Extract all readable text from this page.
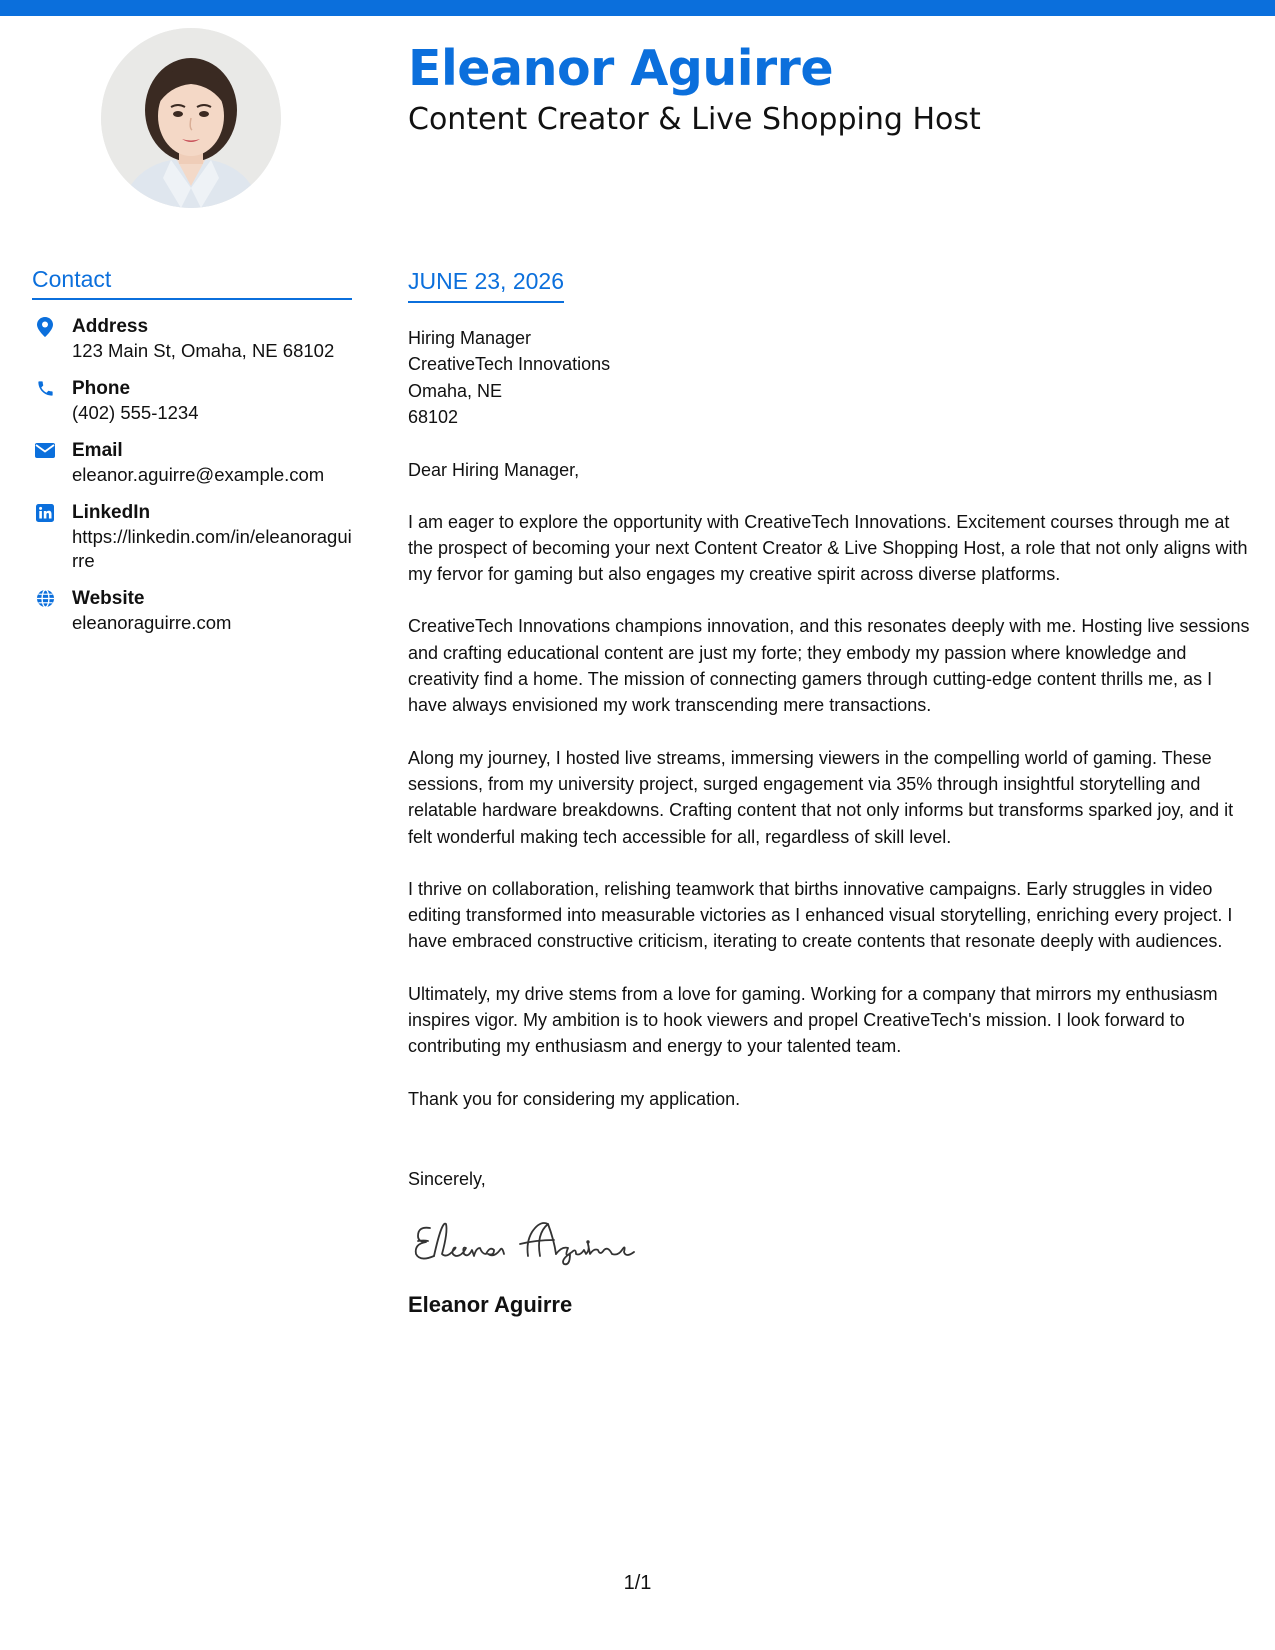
Eleanor Aguirre
Content Creator & Live Shopping Host
Contact
Address
123 Main St, Omaha, NE 68102
Phone
(402) 555-1234
Email
eleanor.aguirre@example.com
LinkedIn
https://linkedin.com/in/eleanoraguirre
Website
eleanoraguirre.com
JUNE 23, 2026
Hiring Manager
CreativeTech Innovations
Omaha, NE
68102
Dear Hiring Manager,
I am eager to explore the opportunity with CreativeTech Innovations. Excitement courses through me at the prospect of becoming your next Content Creator & Live Shopping Host, a role that not only aligns with my fervor for gaming but also engages my creative spirit across diverse platforms.
CreativeTech Innovations champions innovation, and this resonates deeply with me. Hosting live sessions and crafting educational content are just my forte; they embody my passion where knowledge and creativity find a home. The mission of connecting gamers through cutting-edge content thrills me, as I have always envisioned my work transcending mere transactions.
Along my journey, I hosted live streams, immersing viewers in the compelling world of gaming. These sessions, from my university project, surged engagement via 35% through insightful storytelling and relatable hardware breakdowns. Crafting content that not only informs but transforms sparked joy, and it felt wonderful making tech accessible for all, regardless of skill level.
I thrive on collaboration, relishing teamwork that births innovative campaigns. Early struggles in video editing transformed into measurable victories as I enhanced visual storytelling, enriching every project. I have embraced constructive criticism, iterating to create contents that resonate deeply with audiences.
Ultimately, my drive stems from a love for gaming. Working for a company that mirrors my enthusiasm inspires vigor. My ambition is to hook viewers and propel CreativeTech's mission. I look forward to contributing my enthusiasm and energy to your talented team.
Thank you for considering my application.
Sincerely,
Eleanor Aguirre
1/1
